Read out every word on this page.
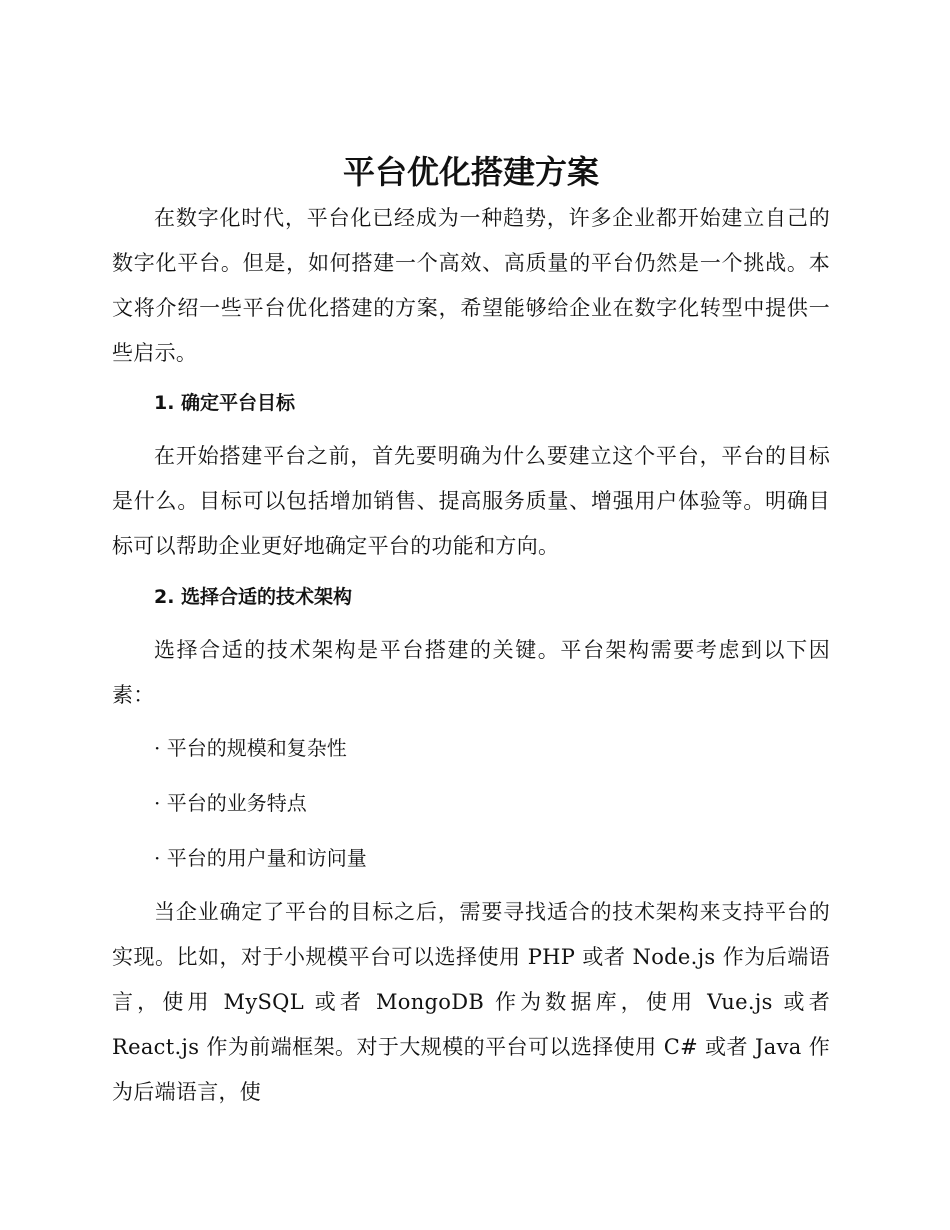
平台优化搭建方案

在数字化时代，平台化已经成为一种趋势，许多企业都开始建立自己的数字化平台。但是，如何搭建一个高效、高质量的平台仍然是一个挑战。本文将介绍一些平台优化搭建的方案，希望能够给企业在数字化转型中提供一些启示。

1. 确定平台目标

在开始搭建平台之前，首先要明确为什么要建立这个平台，平台的目标是什么。目标可以包括增加销售、提高服务质量、增强用户体验等。明确目标可以帮助企业更好地确定平台的功能和方向。

2. 选择合适的技术架构

选择合适的技术架构是平台搭建的关键。平台架构需要考虑到以下因素：

· 平台的规模和复杂性

· 平台的业务特点

· 平台的用户量和访问量

当企业确定了平台的目标之后，需要寻找适合的技术架构来支持平台的实现。比如，对于小规模平台可以选择使用 PHP 或者 Node.js 作为后端语言，使用 MySQL 或者 MongoDB 作为数据库，使用 Vue.js 或者 React.js 作为前端框架。对于大规模的平台可以选择使用 C# 或者 Java 作为后端语言，使
